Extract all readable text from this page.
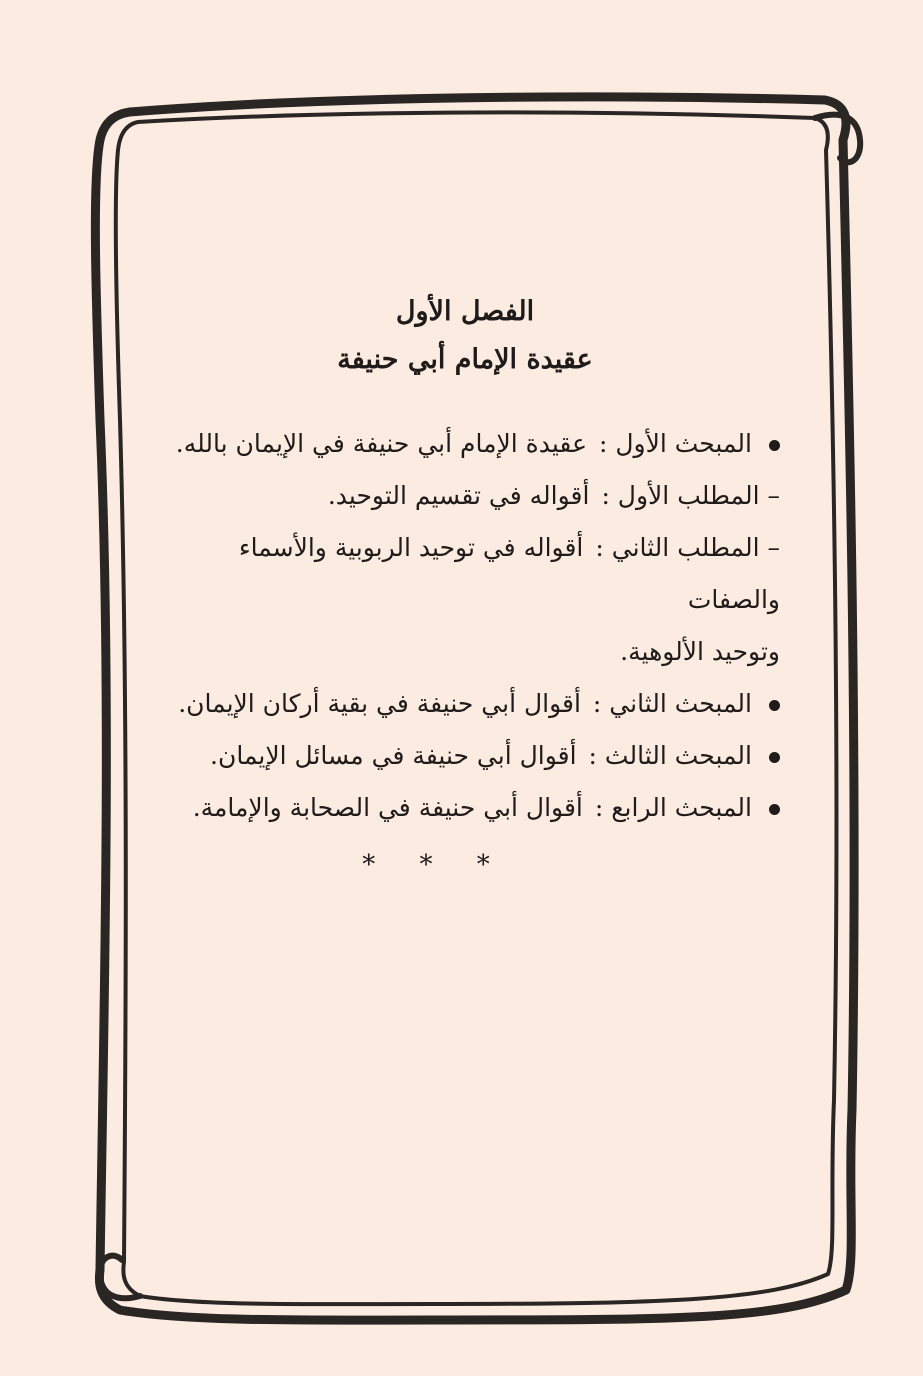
الفصل الأول
عقيدة الإمام أبي حنيفة
المبحث الأول :عقيدة الإمام أبي حنيفة في الإيمان بالله.
– المطلب الأول :أقواله في تقسيم التوحيد.
– المطلب الثاني :أقواله في توحيد الربوبية والأسماء والصفات
وتوحيد الألوهية.
المبحث الثاني :أقوال أبي حنيفة في بقية أركان الإيمان.
المبحث الثالث :أقوال أبي حنيفة في مسائل الإيمان.
المبحث الرابع :أقوال أبي حنيفة في الصحابة والإمامة.
* * *
